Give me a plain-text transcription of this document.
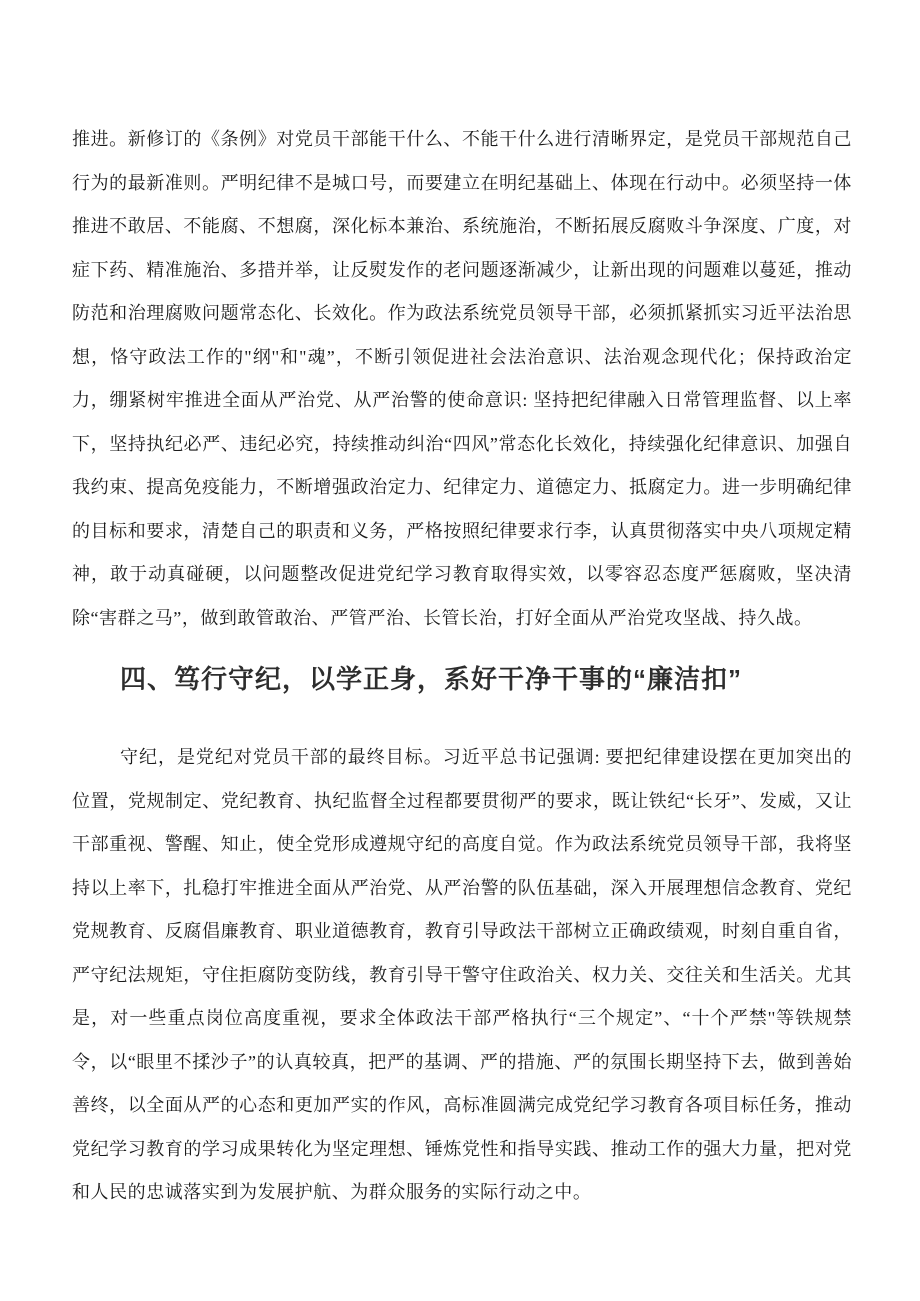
推进。新修订的《条例》对党员干部能干什么、不能干什么进行清晰界定，是党员干部规范自己行为的最新准则。严明纪律不是城口号，而要建立在明纪基础上、体现在行动中。必须坚持一体推进不敢居、不能腐、不想腐，深化标本兼治、系统施治，不断拓展反腐败斗争深度、广度，对症下药、精准施治、多措并举，让反熨发作的老问题逐渐减少，让新出现的问题难以蔓延，推动防范和治理腐败问题常态化、长效化。作为政法系统党员领导干部，必须抓紧抓实习近平法治思想，恪守政法工作的"纲''和"魂”，不断引领促进社会法治意识、法治观念现代化；保持政治定力，绷紧树牢推进全面从严治党、从严治警的使命意识: 坚持把纪律融入日常管理监督、以上率下，坚持执纪必严、违纪必究，持续推动纠治“四风”常态化长效化，持续强化纪律意识、加强自我约束、提高免疫能力，不断增强政治定力、纪律定力、道德定力、抵腐定力。进一步明确纪律的目标和要求，清楚自己的职责和义务，严格按照纪律要求行李，认真贯彻落实中央八项规定精神，敢于动真碰硬，以问题整改促进党纪学习教育取得实效，以零容忍态度严惩腐败，坚决清除“害群之马”，做到敢管敢治、严管严治、长管长治，打好全面从严治党攻坚战、持久战。

四、笃行守纪，以学正身，系好干净干事的“廉洁扣”

守纪，是党纪对党员干部的最终目标。习近平总书记强调: 要把纪律建设摆在更加突出的位置，党规制定、党纪教育、执纪监督全过程都要贯彻严的要求，既让铁纪“长牙”、发威，又让干部重视、警醒、知止，使全党形成遵规守纪的高度自觉。作为政法系统党员领导干部，我将坚持以上率下，扎稳打牢推进全面从严治党、从严治警的队伍基础，深入开展理想信念教育、党纪党规教育、反腐倡廉教育、职业道德教育，教育引导政法干部树立正确政绩观，时刻自重自省，严守纪法规矩，守住拒腐防变防线，教育引导干警守住政治关、权力关、交往关和生活关。尤其是，对一些重点岗位高度重视，要求全体政法干部严格执行“三个规定”、“十个严禁''等铁规禁令，以“眼里不揉沙子”的认真较真，把严的基调、严的措施、严的氛围长期坚持下去，做到善始善终，以全面从严的心态和更加严实的作风，高标准圆满完成党纪学习教育各项目标任务，推动党纪学习教育的学习成果转化为坚定理想、锤炼党性和指导实践、推动工作的强大力量，把对党和人民的忠诚落实到为发展护航、为群众服务的实际行动之中。
